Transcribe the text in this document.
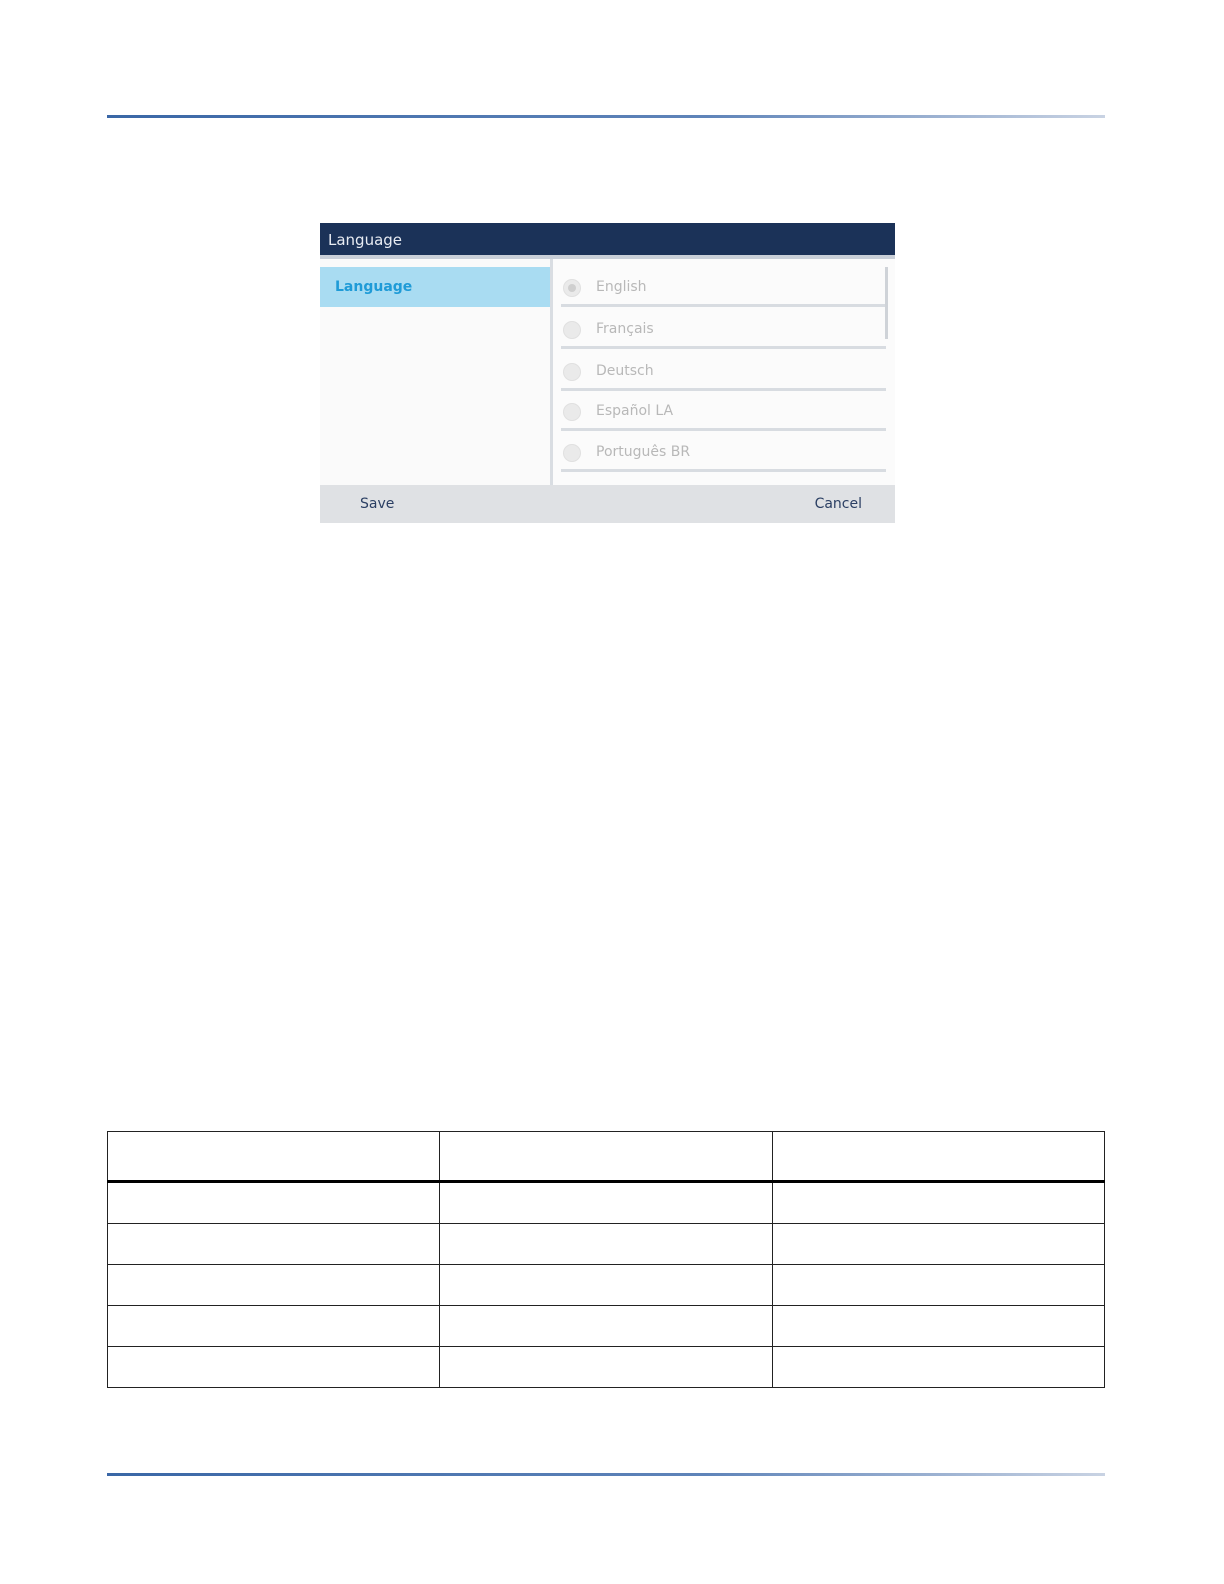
Language
Language	English
Français
Deutsch
Español LA
Português BR
Save	Cancel
